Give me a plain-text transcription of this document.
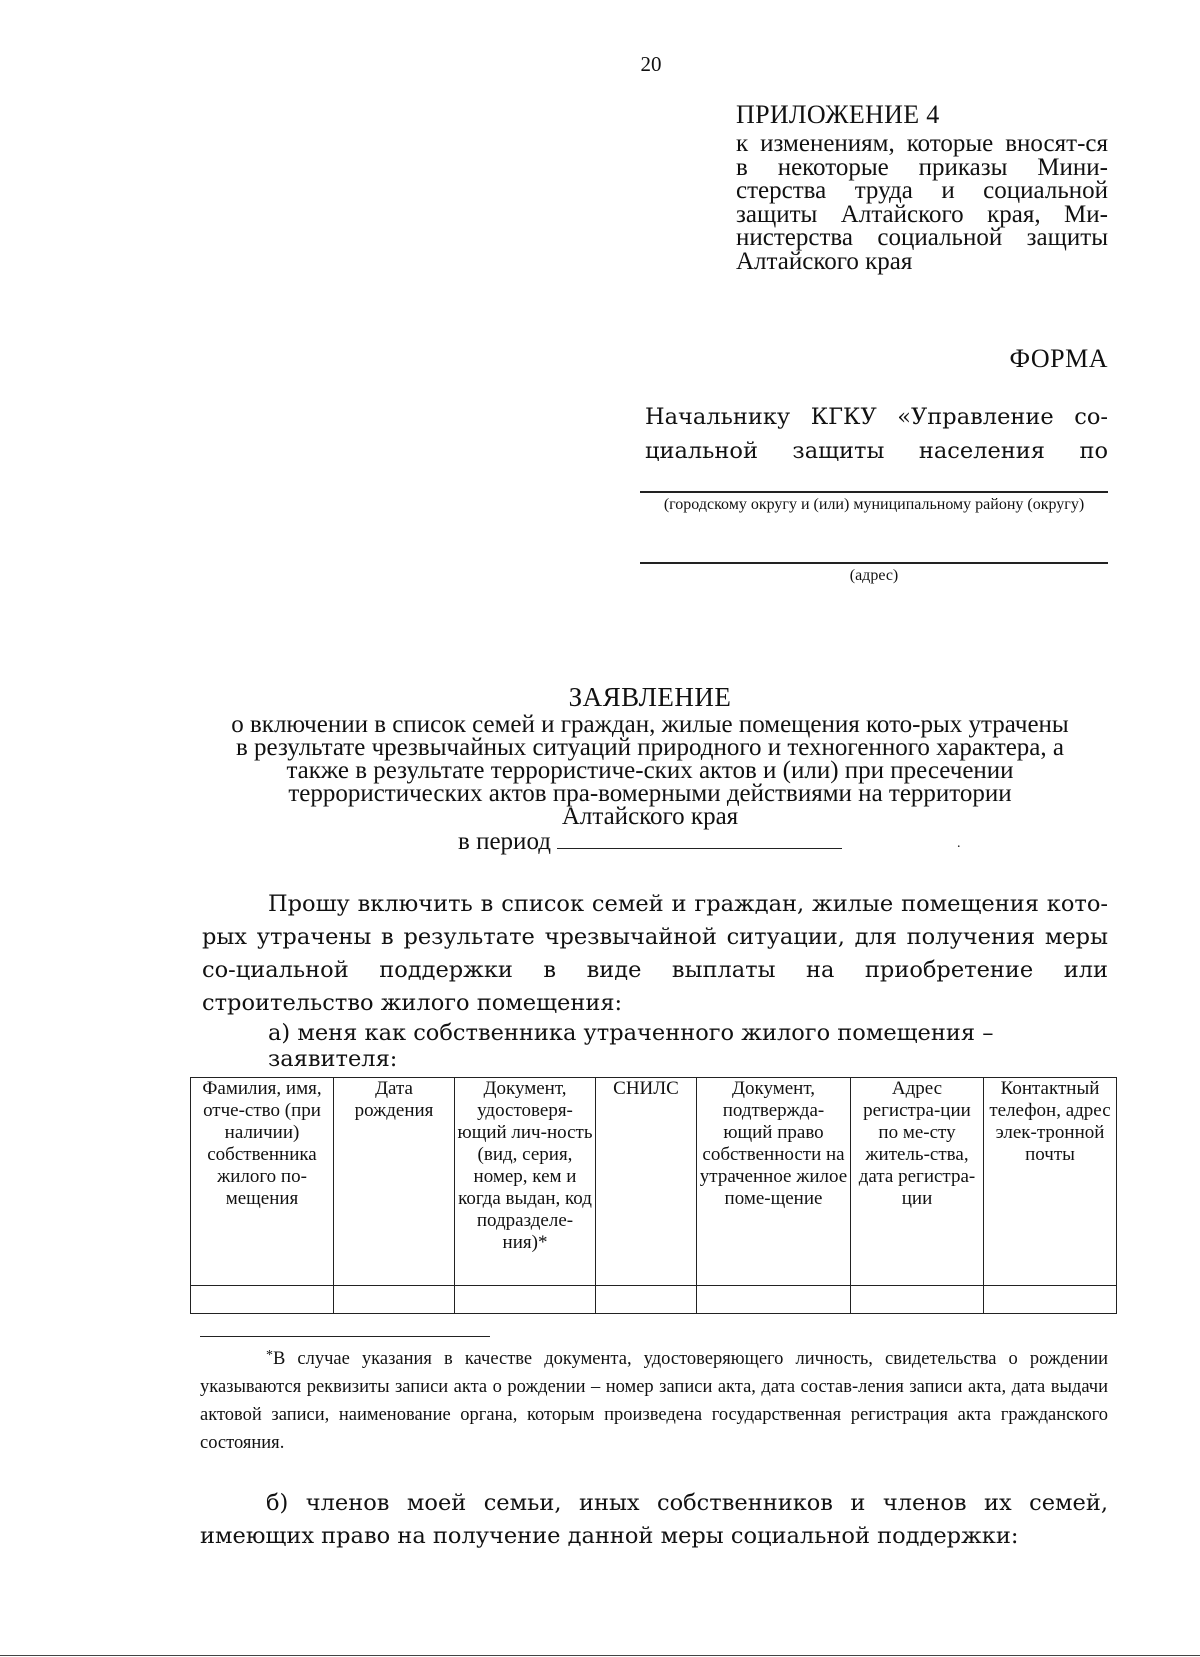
20
ПРИЛОЖЕНИЕ 4
к изменениям, которые вносят-ся в некоторые приказы Мини-стерства труда и социальной защиты Алтайского края, Ми-нистерства социальной защиты Алтайского края
ФОРМА
Начальнику КГКУ «Управление со-циальной защиты населения по
(городскому округу и (или) муниципальному району (округу)
(адрес)
ЗАЯВЛЕНИЕ
о включении в список семей и граждан, жилые помещения кото-рых утрачены в результате чрезвычайных ситуаций природного и техногенного характера, а также в результате террористиче-ских актов и (или) при пресечении террористических актов пра-вомерными действиями на территории Алтайского края
в период	.
Прошу включить в список семей и граждан, жилые помещения кото-рых утрачены в результате чрезвычайной ситуации, для получения меры со-циальной поддержки в виде выплаты на приобретение или строительство жилого помещения:
а) меня как собственника утраченного жилого помещения – заявителя:
Фамилия, имя, отче-ство (при наличии) собственника жилого по-мещения	Дата рождения	Документ, удостоверя-ющий лич-ность (вид, серия, номер, кем и когда выдан, код подразделе-ния)*	СНИЛС	Документ, подтвержда-ющий право собственности на утраченное жилое поме-щение	Адрес регистра-ции по ме-сту житель-ства, дата регистра-ции	Контактный телефон, адрес элек-тронной почты

*В случае указания в качестве документа, удостоверяющего личность, свидетельства о рождении указываются реквизиты записи акта о рождении – номер записи акта, дата состав-ления записи акта, дата выдачи актовой записи, наименование органа, которым произведена государственная регистрация акта гражданского состояния.
б) членов моей семьи, иных собственников и членов их семей, имеющих право на получение данной меры социальной поддержки:
